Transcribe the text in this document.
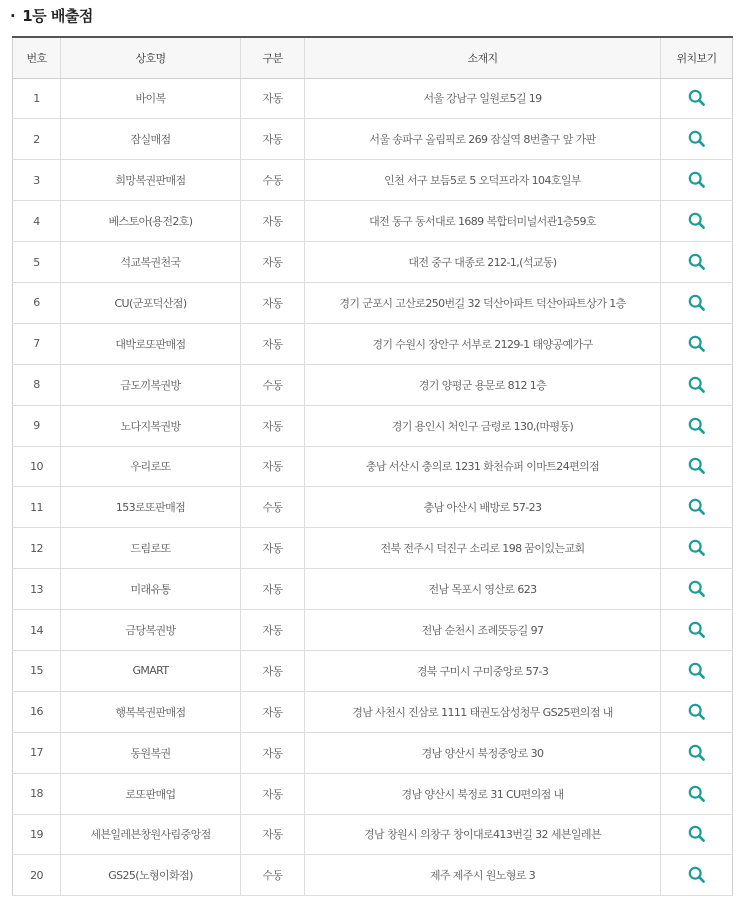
· 1등 배출점
번호	상호명	구분	소재지	위치보기
1	바이복	자동	서울 강남구 일원로5길 19	

2	잠실매점	자동	서울 송파구 올림픽로 269 잠실역 8번출구 앞 가판	

3	희망복권판매점	수동	인천 서구 보듬5로 5 오덕프라자 104호일부	

4	베스토아(용전2호)	자동	대전 동구 동서대로 1689 복합터미널서관1층59호	

5	석교복권천국	자동	대전 중구 대종로 212-1,(석교동)	

6	CU(군포덕산점)	자동	경기 군포시 고산로250번길 32 덕산아파트 덕산아파트상가 1층	

7	대박로또판매점	자동	경기 수원시 장안구 서부로 2129-1 태양공예가구	

8	금도끼복권방	수동	경기 양평군 용문로 812 1층	

9	노다지복권방	자동	경기 용인시 처인구 금령로 130,(마평동)	

10	우리로또	자동	충남 서산시 충의로 1231 화천슈퍼 이마트24편의점	

11	153로또판매점	수동	충남 아산시 배방로 57-23	

12	드림로또	자동	전북 전주시 덕진구 소리로 198 꿈이있는교회	

13	미래유통	자동	전남 목포시 영산로 623	

14	금당복권방	자동	전남 순천시 조례뜻등길 97	

15	GMART	자동	경북 구미시 구미중앙로 57-3	

16	행복복권판매점	자동	경남 사천시 진삼로 1111 태권도삼성청무 GS25편의점 내	

17	동원복권	자동	경남 양산시 북정중앙로 30	

18	로또판매업	자동	경남 양산시 북정로 31 CU편의점 내	

19	세븐일레븐창원사림중앙점	자동	경남 창원시 의창구 창이대로413번길 32 세븐일레븐	

20	GS25(노형이화점)	수동	제주 제주시 원노형로 3	
